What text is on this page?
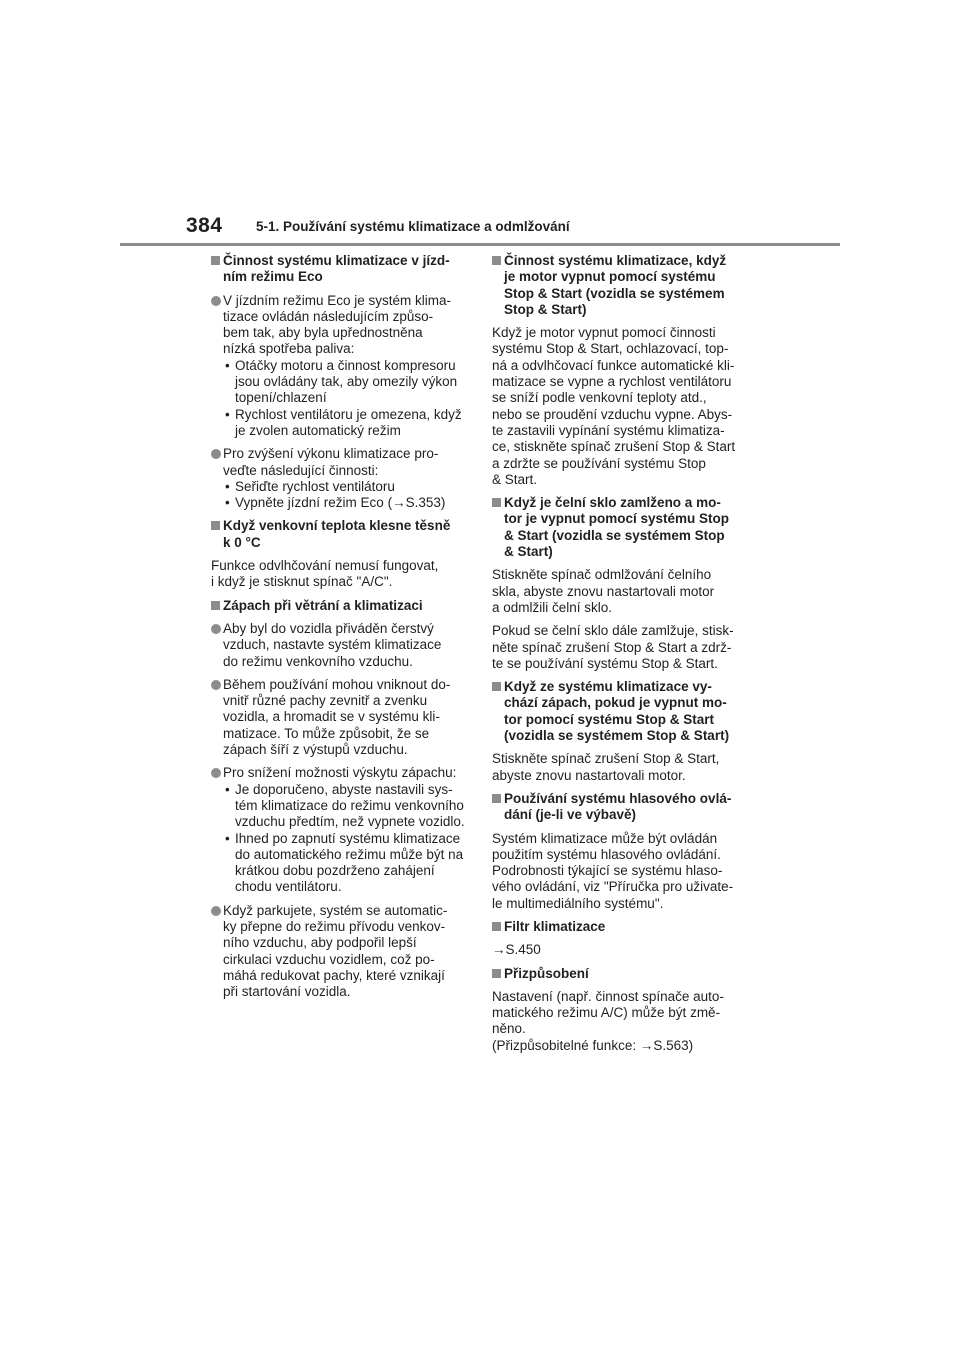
384 5-1. Používání systému klimatizace a odmlžování
Činnost systému klimatizace v jízd-
ním režimu Eco
V jízdním režimu Eco je systém klima-
tizace ovládán následujícím způso-
bem tak, aby byla upřednostněna
nízká spotřeba paliva:
• Otáčky motoru a činnost kompresoru
jsou ovládány tak, aby omezily výkon
topení/chlazení
• Rychlost ventilátoru je omezena, když
je zvolen automatický režim
Pro zvýšení výkonu klimatizace pro-
veďte následující činnosti:
• Seřiďte rychlost ventilátoru
• Vypněte jízdní režim Eco (→S.353)
Když venkovní teplota klesne těsně
k 0 °C
Funkce odvlhčování nemusí fungovat,
i když je stisknut spínač "A/C".
Zápach při větrání a klimatizaci
Aby byl do vozidla přiváděn čerstvý
vzduch, nastavte systém klimatizace
do režimu venkovního vzduchu.
Během používání mohou vniknout do-
vnitř různé pachy zevnitř a zvenku
vozidla, a hromadit se v systému kli-
matizace. To může způsobit, že se
zápach šíří z výstupů vzduchu.
Pro snížení možnosti výskytu zápachu:
• Je doporučeno, abyste nastavili sys-
tém klimatizace do režimu venkovního
vzduchu předtím, než vypnete vozidlo.
• Ihned po zapnutí systému klimatizace
do automatického režimu může být na
krátkou dobu pozdrženo zahájení
chodu ventilátoru.
Když parkujete, systém se automatic-
ky přepne do režimu přívodu venkov-
ního vzduchu, aby podpořil lepší
cirkulaci vzduchu vozidlem, což po-
máhá redukovat pachy, které vznikají
při startování vozidla.
Činnost systému klimatizace, když
je motor vypnut pomocí systému
Stop & Start (vozidla se systémem
Stop & Start)
Když je motor vypnut pomocí činnosti
systému Stop & Start, ochlazovací, top-
ná a odvlhčovací funkce automatické kli-
matizace se vypne a rychlost ventilátoru
se sníží podle venkovní teploty atd.,
nebo se proudění vzduchu vypne. Abys-
te zastavili vypínání systému klimatiza-
ce, stiskněte spínač zrušení Stop & Start
a zdržte se používání systému Stop
& Start.
Když je čelní sklo zamlženo a mo-
tor je vypnut pomocí systému Stop
& Start (vozidla se systémem Stop
& Start)
Stiskněte spínač odmlžování čelního
skla, abyste znovu nastartovali motor
a odmlžili čelní sklo.
Pokud se čelní sklo dále zamlžuje, stisk-
něte spínač zrušení Stop & Start a zdrž-
te se používání systému Stop & Start.
Když ze systému klimatizace vy-
chází zápach, pokud je vypnut mo-
tor pomocí systému Stop & Start
(vozidla se systémem Stop & Start)
Stiskněte spínač zrušení Stop & Start,
abyste znovu nastartovali motor.
Používání systému hlasového ovlá-
dání (je-li ve výbavě)
Systém klimatizace může být ovládán
použitím systému hlasového ovládání.
Podrobnosti týkající se systému hlaso-
vého ovládání, viz "Příručka pro uživate-
le multimediálního systému".
Filtr klimatizace
→S.450
Přizpůsobení
Nastavení (např. činnost spínače auto-
matického režimu A/C) může být změ-
něno.
(Přizpůsobitelné funkce: →S.563)
